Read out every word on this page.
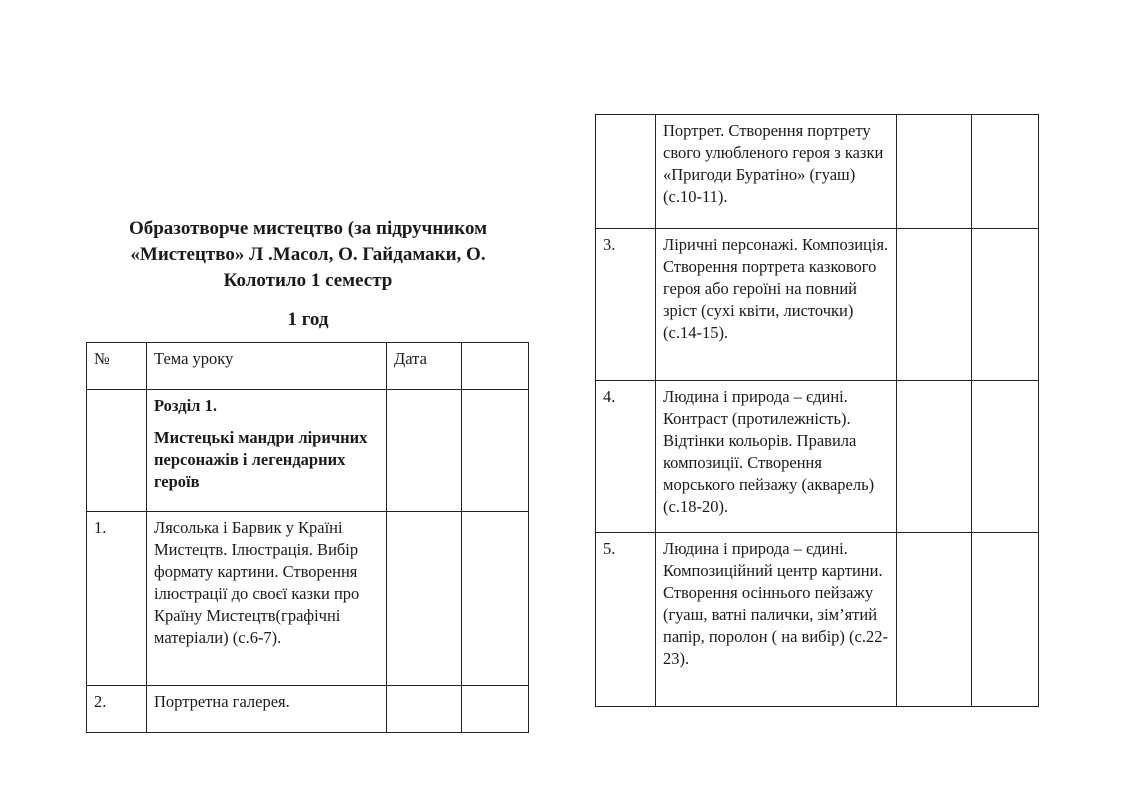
Образотворче мистецтво (за підручником «Мистецтво» Л .Масол, О. Гайдамаки, О. Колотило 1 семестр
1 год
№	Тема уроку	Дата	

	Розділ 1.
Мистецькі мандри ліричних персонажів і легендарних героїв		

1.	Лясолька і Барвик у Країні Мистецтв. Ілюстрація. Вибір формату картини. Створення ілюстрації до своєї казки про Країну Мистецтв(графічні матеріали) (с.6-7).		
2.	Портретна галерея.		
	Портрет. Створення портрету свого улюбленого героя з казки «Пригоди Буратіно» (гуаш) (с.10-11).		
3.	Ліричні персонажі. Композиція. Створення портрета казкового героя або героїні на повний зріст (сухі квіти, листочки) (с.14-15).		
4.	Людина і природа – єдині. Контраст (протилежність). Відтінки кольорів. Правила композиції. Створення морського пейзажу (акварель) (с.18-20).		
5.	Людина і природа – єдині. Композиційний центр картини. Створення осіннього пейзажу (гуаш, ватні палички, зім’ятий папір, поролон ( на вибір) (с.22-23).		
